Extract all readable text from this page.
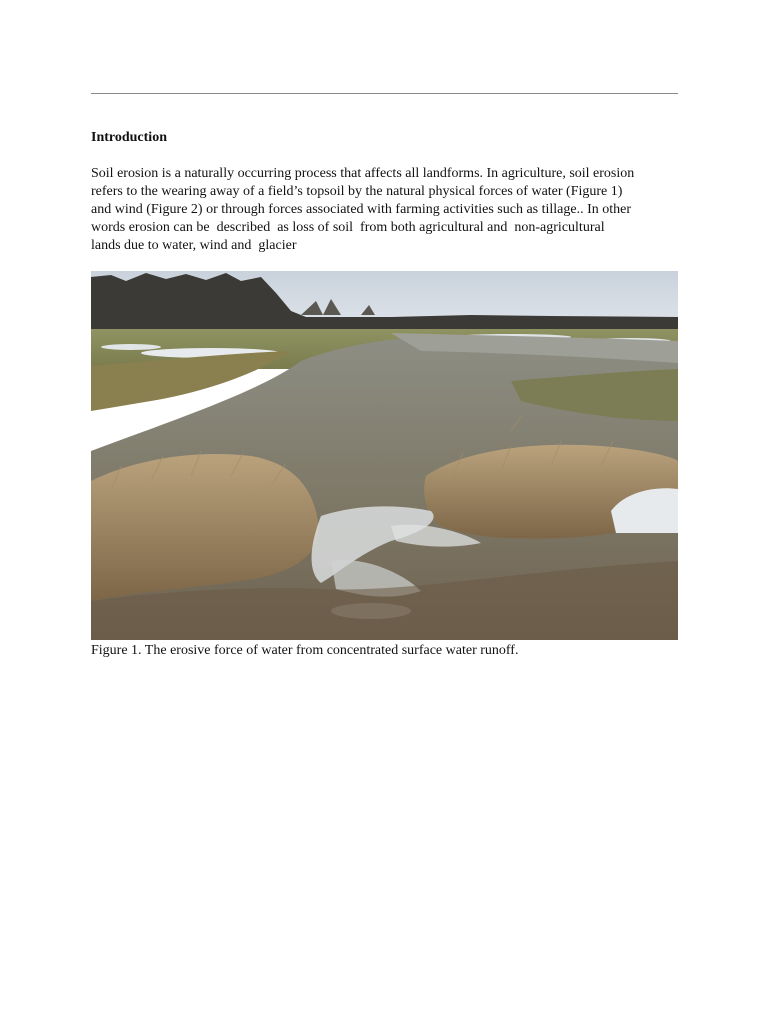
Introduction

Soil erosion is a naturally occurring process that affects all landforms. In agriculture, soil erosion
refers to the wearing away of a field’s topsoil by the natural physical forces of water (Figure 1)
and wind (Figure 2) or through forces associated with farming activities such as tillage.. In other
words erosion can be  described  as loss of soil  from both agricultural and  non-agricultural
lands due to water, wind and  glacier

Figure 1. The erosive force of water from concentrated surface water runoff.
